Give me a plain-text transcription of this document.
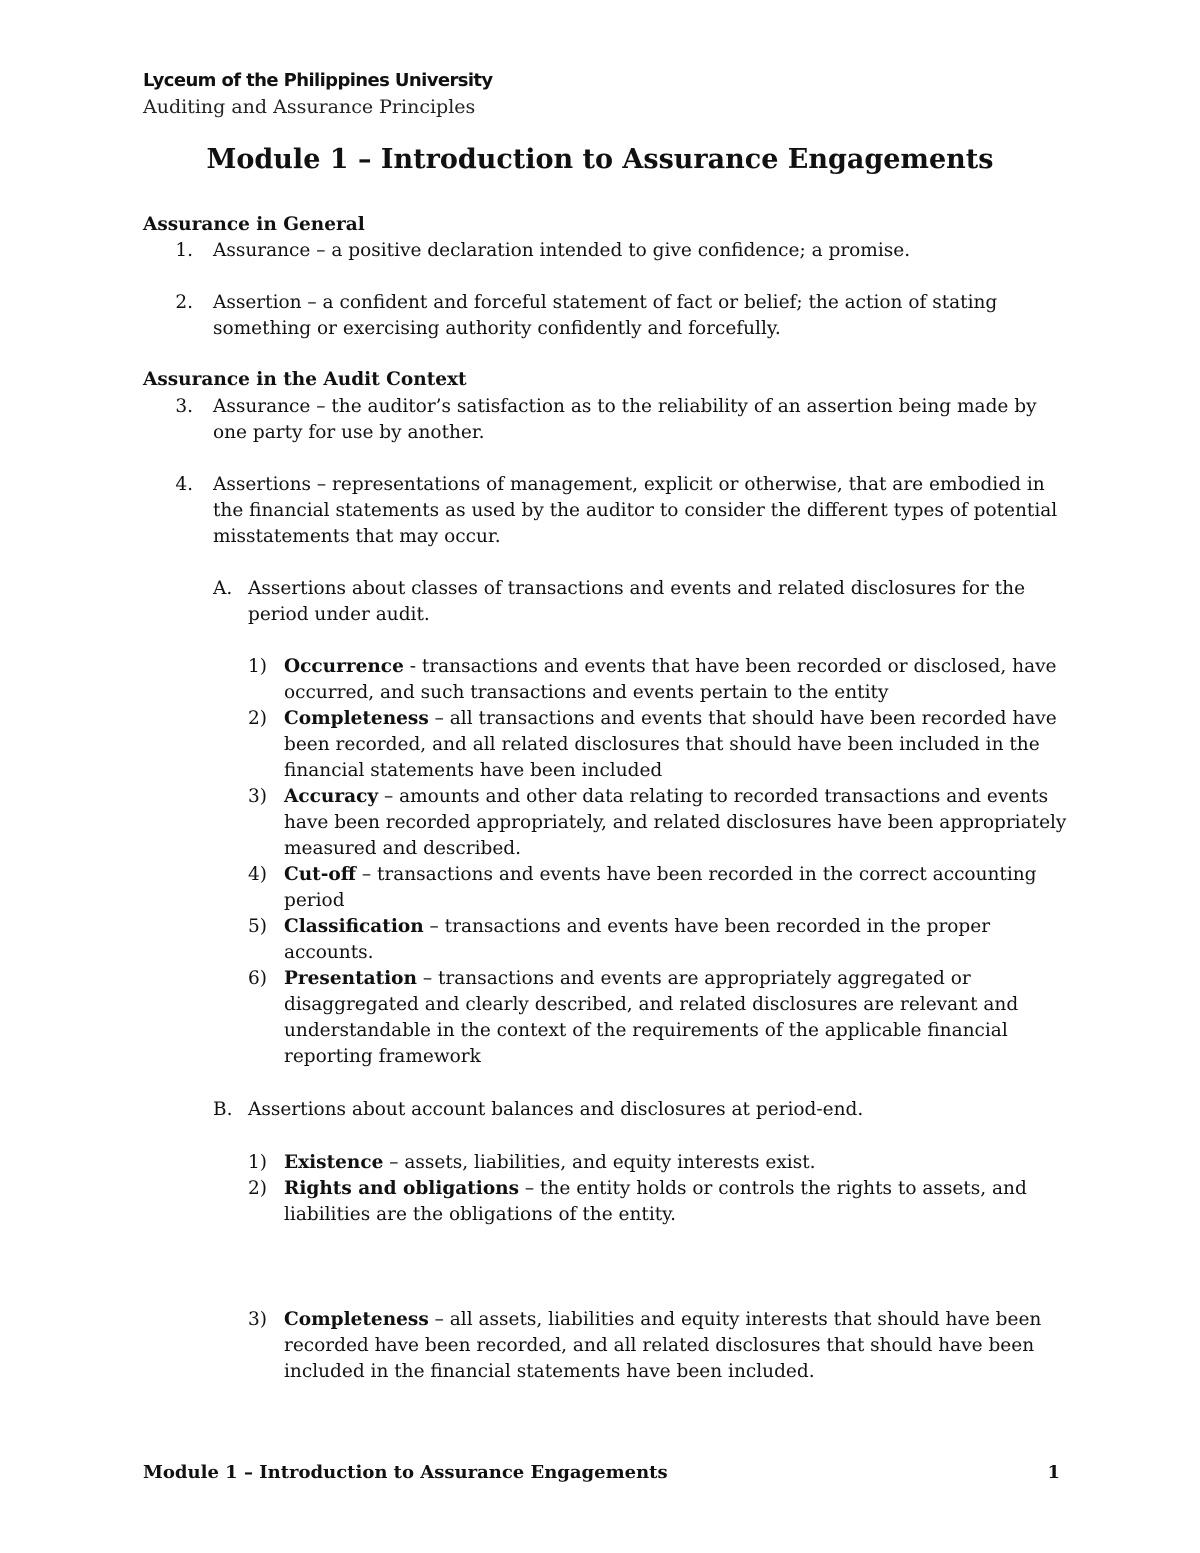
Lyceum of the Philippines University

Auditing and Assurance Principles

Module 1 – Introduction to Assurance Engagements

Assurance in General

1. Assurance – a positive declaration intended to give confidence; a promise.
2. Assertion – a confident and forceful statement of fact or belief; the action of stating
something or exercising authority confidently and forcefully.

Assurance in the Audit Context

3. Assurance – the auditor’s satisfaction as to the reliability of an assertion being made by
one party for use by another.
4. Assertions – representations of management, explicit or otherwise, that are embodied in
the financial statements as used by the auditor to consider the different types of potential
misstatements that may occur.
A. Assertions about classes of transactions and events and related disclosures for the
period under audit.
1) Occurrence - transactions and events that have been recorded or disclosed, have
occurred, and such transactions and events pertain to the entity
2) Completeness – all transactions and events that should have been recorded have
been recorded, and all related disclosures that should have been included in the
financial statements have been included
3) Accuracy – amounts and other data relating to recorded transactions and events
have been recorded appropriately, and related disclosures have been appropriately
measured and described.
4) Cut-off – transactions and events have been recorded in the correct accounting
period
5) Classification – transactions and events have been recorded in the proper
accounts.
6) Presentation – transactions and events are appropriately aggregated or
disaggregated and clearly described, and related disclosures are relevant and
understandable in the context of the requirements of the applicable financial
reporting framework
B. Assertions about account balances and disclosures at period-end.
1) Existence – assets, liabilities, and equity interests exist.
2) Rights and obligations – the entity holds or controls the rights to assets, and
liabilities are the obligations of the entity.
3) Completeness – all assets, liabilities and equity interests that should have been
recorded have been recorded, and all related disclosures that should have been
included in the financial statements have been included.

Module 1 – Introduction to Assurance Engagements	1
